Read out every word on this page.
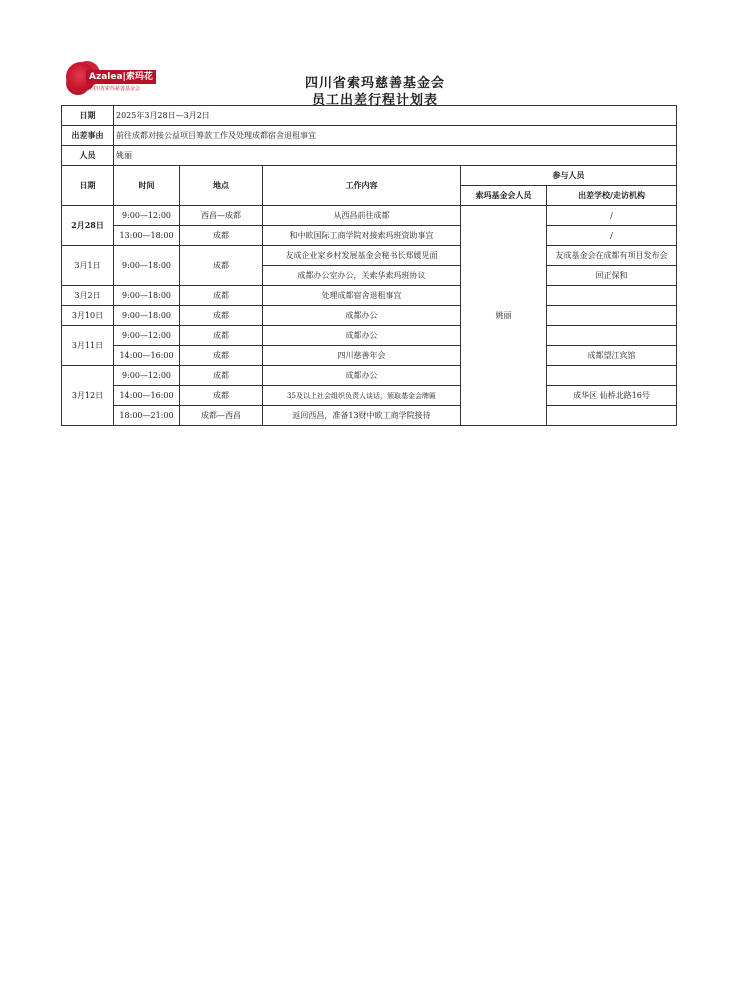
Azalea|索玛花
四川省索玛慈善基金会	四川省索玛慈善基金会
员工出差行程计划表
日期	2025年3月28日—3月2日				
出差事由	前往成都对接公益项目筹款工作及处理成都宿舍退租事宜				
人员	姚丽				
日期	时间	地点	工作内容	参与人员	
				索玛基金会人员	出差学校/走访机构
2月28日	9:00—12:00	西昌—成都	从西昌前往成都	姚丽	/
	13:00—18:00	成都	和中欧国际工商学院对接索玛班资助事宜		/
3月1日	9:00—18:00	成都	友成企业家乡村发展基金会秘书长郑媛见面		友成基金会在成都有项目发布会
			成都办公室办公，关索华索玛班协议		回正保和
3月2日	9:00—18:00	成都	处理成都宿舍退租事宜		
3月10日	9:00—18:00	成都	成都办公		
3月11日	9:00—12:00	成都	成都办公		
	14:00—16:00	成都	四川慈善年会		成都望江宾馆
3月12日	9:00—12:00	成都	成都办公		
	14:00—16:00	成都	35及以上社会组织负责人谈话，颁取基金会牌匾		成华区 仙桥北路16号
	18:00—21:00	成都—西昌	返回西昌，准备13财中欧工商学院接待		
